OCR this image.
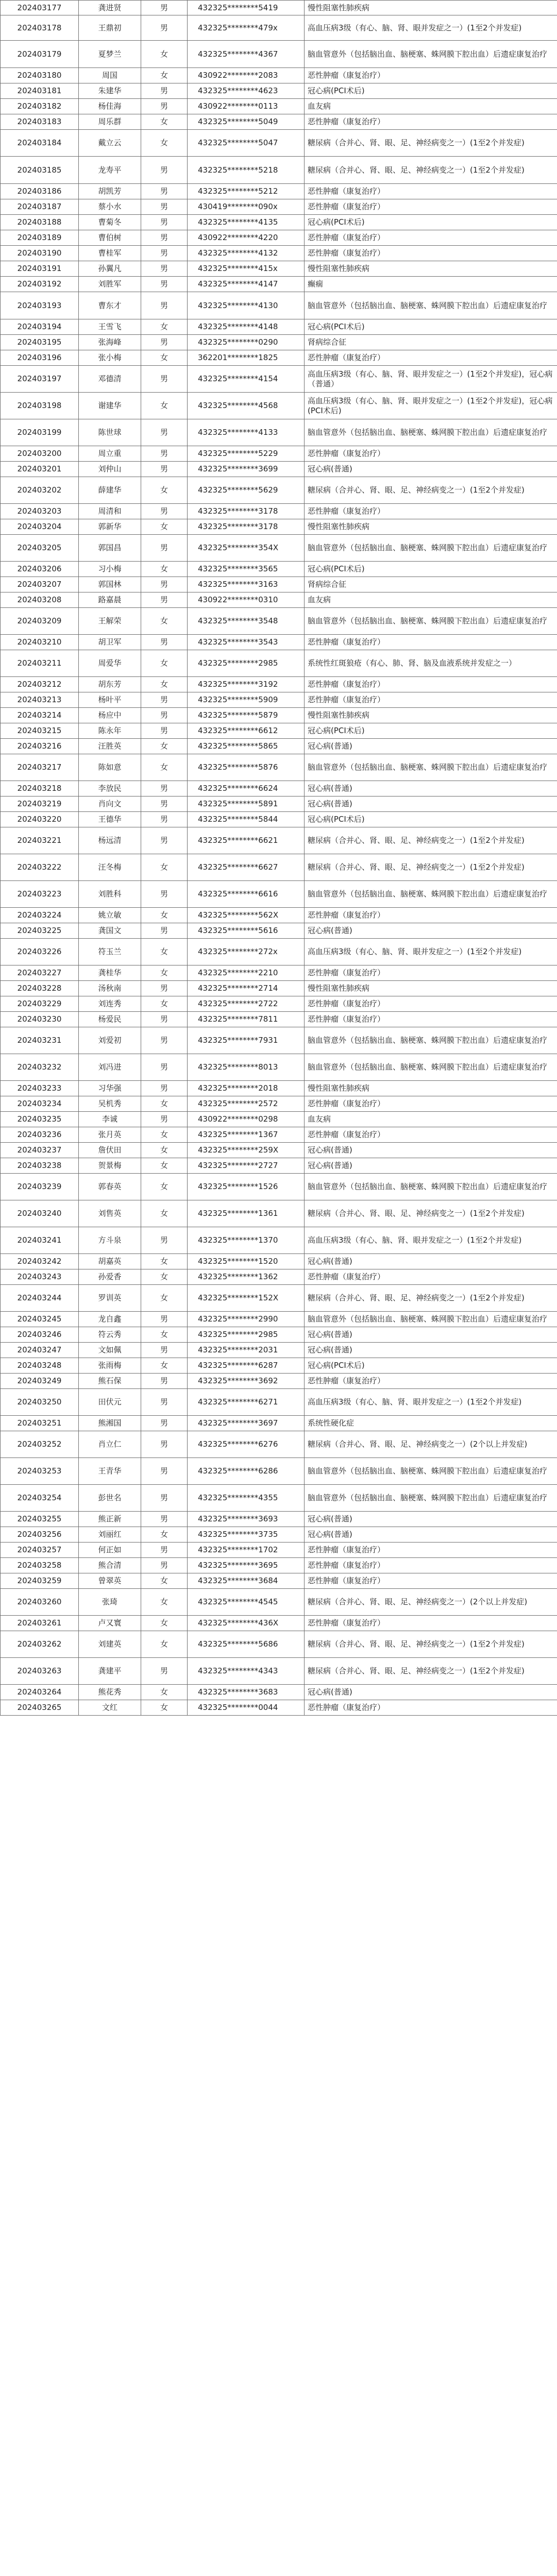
202403177	龚进贤	男	432325********5419	慢性阻塞性肺疾病
202403178	王鼎初	男	432325********479x	高血压病3级（有心、脑、肾、眼并发症之一）(1至2个并发症)
202403179	夏梦兰	女	432325********4367	脑血管意外（包括脑出血、脑梗塞、蛛网膜下腔出血）后遗症康复治疗
202403180	周国	女	430922********2083	恶性肿瘤（康复治疗）
202403181	朱建华	男	432325********4623	冠心病(PCI术后)
202403182	杨佳海	男	430922********0113	血友病
202403183	周乐群	女	432325********5049	恶性肿瘤（康复治疗）
202403184	戴立云	女	432325********5047	糖尿病（合并心、肾、眼、足、神经病变之一）(1至2个并发症)
202403185	龙寿平	男	432325********5218	糖尿病（合并心、肾、眼、足、神经病变之一）(1至2个并发症)
202403186	胡凯芳	男	432325********5212	恶性肿瘤（康复治疗）
202403187	蔡小水	男	430419********090x	恶性肿瘤（康复治疗）
202403188	曹菊冬	男	432325********4135	冠心病(PCI术后)
202403189	曹伯树	男	430922********4220	恶性肿瘤（康复治疗）
202403190	曹桂军	男	432325********4132	恶性肿瘤（康复治疗）
202403191	孙翼凡	男	432325********415x	慢性阻塞性肺疾病
202403192	刘胜军	男	432325********4147	癫痫
202403193	曹东才	男	432325********4130	脑血管意外（包括脑出血、脑梗塞、蛛网膜下腔出血）后遗症康复治疗
202403194	王雪飞	女	432325********4148	冠心病(PCI术后)
202403195	张海峰	男	432325********0290	肾病综合征
202403196	张小梅	女	362201********1825	恶性肿瘤（康复治疗）
202403197	邓德清	男	432325********4154	高血压病3级（有心、脑、肾、眼并发症之一）(1至2个并发症)，冠心病（普通）
202403198	谢建华	女	432325********4568	高血压病3级（有心、脑、肾、眼并发症之一）(1至2个并发症)，冠心病(PCI术后)
202403199	陈世球	男	432325********4133	脑血管意外（包括脑出血、脑梗塞、蛛网膜下腔出血）后遗症康复治疗
202403200	周立重	男	432325********5229	恶性肿瘤（康复治疗）
202403201	刘仲山	男	432325********3699	冠心病(普通)
202403202	薛建华	女	432325********5629	糖尿病（合并心、肾、眼、足、神经病变之一）(1至2个并发症)
202403203	周清和	男	432325********3178	恶性肿瘤（康复治疗）
202403204	郭新华	女	432325********3178	慢性阻塞性肺疾病
202403205	郭国昌	男	432325********354X	脑血管意外（包括脑出血、脑梗塞、蛛网膜下腔出血）后遗症康复治疗
202403206	习小梅	女	432325********3565	冠心病(PCI术后)
202403207	郭国林	男	432325********3163	肾病综合征
202403208	路嘉晨	男	430922********0310	血友病
202403209	王解荣	女	432325********3548	脑血管意外（包括脑出血、脑梗塞、蛛网膜下腔出血）后遗症康复治疗
202403210	胡卫军	男	432325********3543	恶性肿瘤（康复治疗）
202403211	周爱华	女	432325********2985	系统性红斑狼疮（有心、肺、肾、脑及血液系统并发症之一）
202403212	胡东芳	女	432325********3192	恶性肿瘤（康复治疗）
202403213	杨叶平	男	432325********5909	恶性肿瘤（康复治疗）
202403214	杨应中	男	432325********5879	慢性阻塞性肺疾病
202403215	陈永年	男	432325********6612	冠心病(PCI术后)
202403216	汪胜英	女	432325********5865	冠心病(普通)
202403217	陈如意	女	432325********5876	脑血管意外（包括脑出血、脑梗塞、蛛网膜下腔出血）后遗症康复治疗
202403218	李放民	男	432325********6624	冠心病(普通)
202403219	肖向文	男	432325********5891	冠心病(普通)
202403220	王德华	男	432325********5844	冠心病(PCI术后)
202403221	杨远清	男	432325********6621	糖尿病（合并心、肾、眼、足、神经病变之一）(1至2个并发症)
202403222	汪冬梅	女	432325********6627	糖尿病（合并心、肾、眼、足、神经病变之一）(1至2个并发症)
202403223	刘胜科	男	432325********6616	脑血管意外（包括脑出血、脑梗塞、蛛网膜下腔出血）后遗症康复治疗
202403224	姚立敏	女	432325********562X	恶性肿瘤（康复治疗）
202403225	龚国文	男	432325********5616	冠心病(普通)
202403226	符玉兰	女	432325********272x	高血压病3级（有心、脑、肾、眼并发症之一）(1至2个并发症)
202403227	龚桂华	女	432325********2210	恶性肿瘤（康复治疗）
202403228	汤秋南	男	432325********2714	慢性阻塞性肺疾病
202403229	刘连秀	女	432325********2722	恶性肿瘤（康复治疗）
202403230	杨爱民	男	432325********7811	恶性肿瘤（康复治疗）
202403231	刘爱初	男	432325********7931	脑血管意外（包括脑出血、脑梗塞、蛛网膜下腔出血）后遗症康复治疗
202403232	刘冯进	男	432325********8013	脑血管意外（包括脑出血、脑梗塞、蛛网膜下腔出血）后遗症康复治疗
202403233	习华强	男	432325********2018	慢性阻塞性肺疾病
202403234	吴机秀	女	432325********2572	恶性肿瘤（康复治疗）
202403235	李诚	男	430922********0298	血友病
202403236	张月英	女	432325********1367	恶性肿瘤（康复治疗）
202403237	詹伏田	女	432325********259X	冠心病(普通)
202403238	贺景梅	女	432325********2727	冠心病(普通)
202403239	郭春英	女	432325********1526	脑血管意外（包括脑出血、脑梗塞、蛛网膜下腔出血）后遗症康复治疗
202403240	刘售英	女	432325********1361	糖尿病（合并心、肾、眼、足、神经病变之一）(1至2个并发症)
202403241	方斗泉	男	432325********1370	高血压病3级（有心、脑、肾、眼并发症之一）(1至2个并发症)
202403242	胡嘉英	女	432325********1520	冠心病(普通)
202403243	孙爱香	女	432325********1362	恶性肿瘤（康复治疗）
202403244	罗训英	女	432325********152X	糖尿病（合并心、肾、眼、足、神经病变之一）(1至2个并发症)
202403245	龙自鑫	男	432325********2990	脑血管意外（包括脑出血、脑梗塞、蛛网膜下腔出血）后遗症康复治疗
202403246	符云秀	女	432325********2985	冠心病(普通)
202403247	文如佩	男	432325********2031	冠心病(普通)
202403248	张雨梅	女	432325********6287	冠心病(PCI术后)
202403249	熊石保	男	432325********3692	恶性肿瘤（康复治疗）
202403250	田伏元	男	432325********6271	高血压病3级（有心、脑、肾、眼并发症之一）(1至2个并发症)
202403251	熊湘国	男	432325********3697	系统性硬化症
202403252	肖立仁	男	432325********6276	糖尿病（合并心、肾、眼、足、神经病变之一）(2个以上并发症)
202403253	王青华	男	432325********6286	脑血管意外（包括脑出血、脑梗塞、蛛网膜下腔出血）后遗症康复治疗
202403254	彭世名	男	432325********4355	脑血管意外（包括脑出血、脑梗塞、蛛网膜下腔出血）后遗症康复治疗
202403255	熊正新	男	432325********3693	冠心病(普通)
202403256	刘丽红	女	432325********3735	冠心病(普通)
202403257	何正如	男	432325********1702	恶性肿瘤（康复治疗）
202403258	熊合清	男	432325********3695	恶性肿瘤（康复治疗）
202403259	曾翠英	女	432325********3684	恶性肿瘤（康复治疗）
202403260	张琦	女	432325********4545	糖尿病（合并心、肾、眼、足、神经病变之一）(2个以上并发症)
202403261	卢又寰	女	432325********436X	恶性肿瘤（康复治疗）
202403262	刘建英	女	432325********5686	糖尿病（合并心、肾、眼、足、神经病变之一）(1至2个并发症)
202403263	龚建平	男	432325********4343	糖尿病（合并心、肾、眼、足、神经病变之一）(1至2个并发症)
202403264	熊花秀	女	432325********3683	冠心病(普通)
202403265	文红	女	432325********0044	恶性肿瘤（康复治疗）
